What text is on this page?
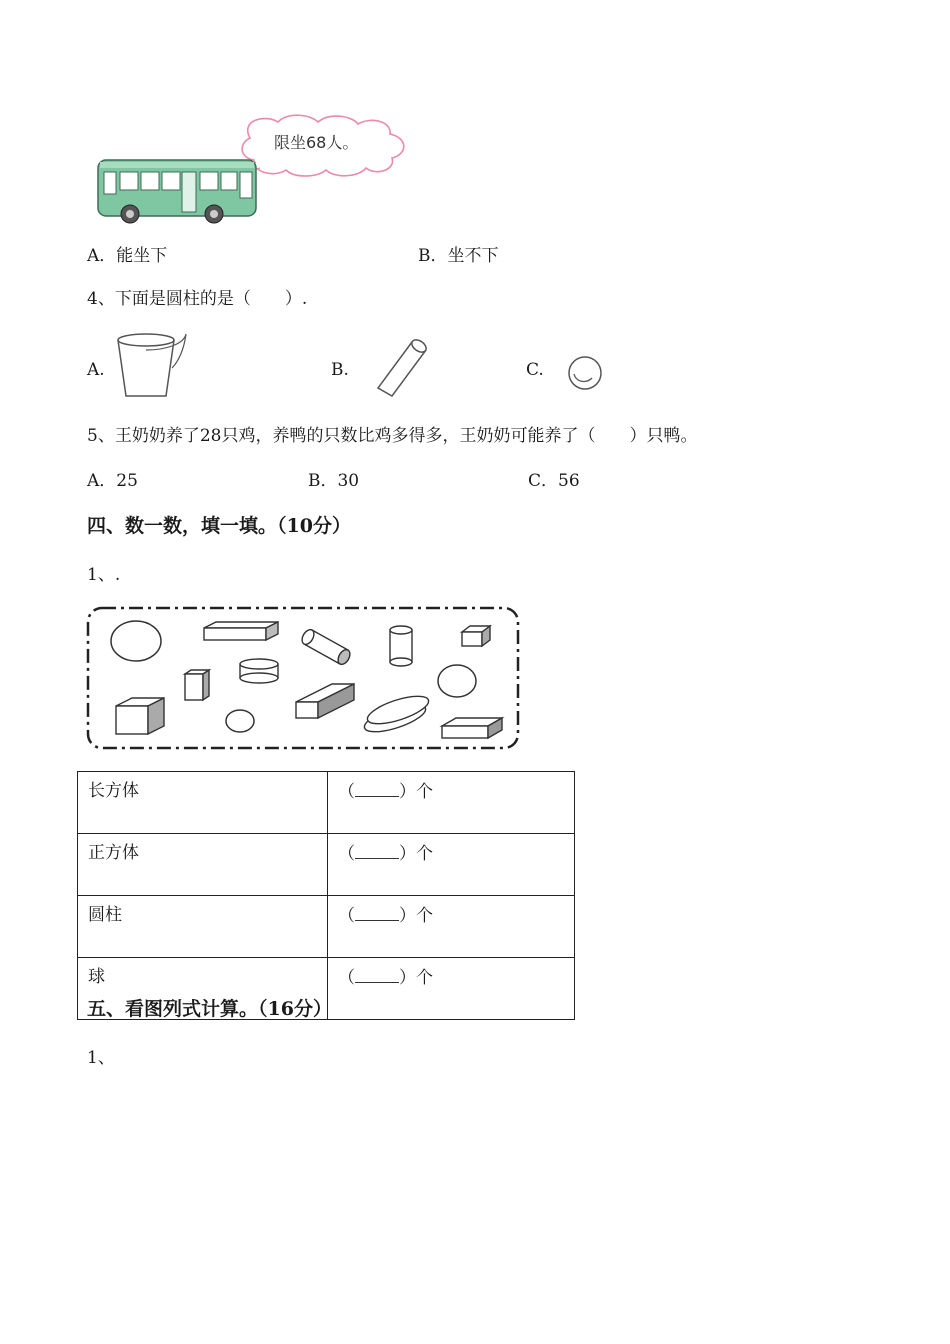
限坐68人。
A．能坐下	B．坐不下
4、下面是圆柱的是（　　）.
A.	B.	C.
5、王奶奶养了28只鸡，养鸭的只数比鸡多得多，王奶奶可能养了（　　）只鸭。
A．25	B．30	C．56
四、数一数，填一填。（10分）
1、.
长方体	（ ）个
正方体	（ ）个
圆柱	（ ）个
球	（ ）个
五、看图列式计算。（16分）
1、
